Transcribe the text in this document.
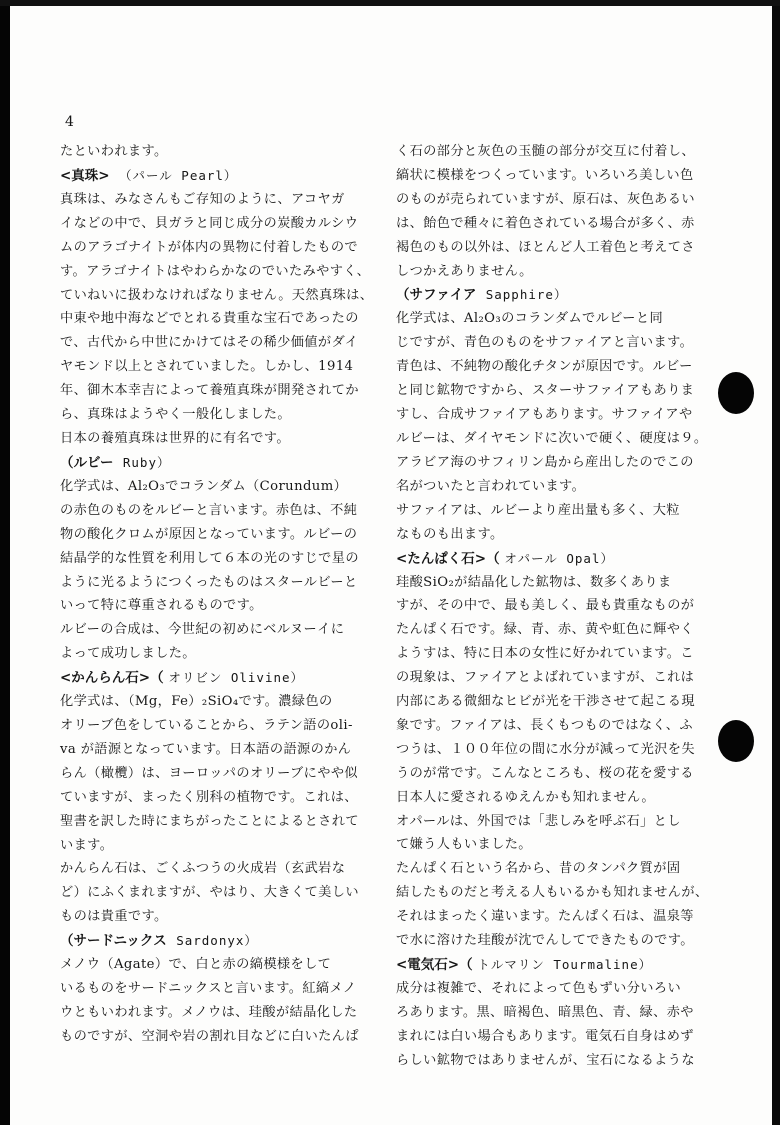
4

たといわれます。

<真珠> （パール Pearl）

真珠は、みなさんもご存知のように、アコヤガ

イなどの中で、貝ガラと同じ成分の炭酸カルシウ

ムのアラゴナイトが体内の異物に付着したもので

す。アラゴナイトはやわらかなのでいたみやすく、

ていねいに扱わなければなりません。天然真珠は、

中東や地中海などでとれる貴重な宝石であったの

で、古代から中世にかけてはその稀少価値がダイ

ヤモンド以上とされていました。しかし、1914

年、御木本幸吉によって養殖真珠が開発されてか

ら、真珠はようやく一般化しました。

日本の養殖真珠は世界的に有名です。

（ルビー Ruby）

化学式は、Al₂O₃でコランダム（Corundum）

の赤色のものをルビーと言います。赤色は、不純

物の酸化クロムが原因となっています。ルビーの

結晶学的な性質を利用して６本の光のすじで星の

ように光るようにつくったものはスタールビーと

いって特に尊重されるものです。

ルビーの合成は、今世紀の初めにベルヌーイに

よって成功しました。

<かんらん石>（ オリビン Olivine）

化学式は、（Mg，Fe）₂SiO₄です。濃緑色の

オリーブ色をしていることから、ラテン語のoli-

va が語源となっています。日本語の語源のかん

らん（橄欖）は、ヨーロッパのオリーブにやや似

ていますが、まったく別科の植物です。これは、

聖書を訳した時にまちがったことによるとされて

います。

かんらん石は、ごくふつうの火成岩（玄武岩な

ど）にふくまれますが、やはり、大きくて美しい

ものは貴重です。

（サードニックス Sardonyx）

メノウ（Agate）で、白と赤の縞模様をして

いるものをサードニックスと言います。紅縞メノ

ウともいわれます。メノウは、珪酸が結晶化した

ものですが、空洞や岩の割れ目などに白いたんぱ

く石の部分と灰色の玉髄の部分が交互に付着し、

縞状に模様をつくっています。いろいろ美しい色

のものが売られていますが、原石は、灰色あるい

は、飴色で種々に着色されている場合が多く、赤

褐色のもの以外は、ほとんど人工着色と考えてさ

しつかえありません。

（サファイア Sapphire）

化学式は、Al₂O₃のコランダムでルビーと同

じですが、青色のものをサファイアと言います。

青色は、不純物の酸化チタンが原因です。ルビー

と同じ鉱物ですから、スターサファイアもありま

すし、合成サファイアもあります。サファイアや

ルビーは、ダイヤモンドに次いで硬く、硬度は９。

アラビア海のサフィリン島から産出したのでこの

名がついたと言われています。

サファイアは、ルビーより産出量も多く、大粒

なものも出ます。

<たんぱく石>（ オパール Opal）

珪酸SiO₂が結晶化した鉱物は、数多くありま

すが、その中で、最も美しく、最も貴重なものが

たんぱく石です。緑、青、赤、黄や虹色に輝やく

ようすは、特に日本の女性に好かれています。こ

の現象は、ファイアとよばれていますが、これは

内部にある微細なヒビが光を干渉させて起こる現

象です。ファイアは、長くもつものではなく、ふ

つうは、１００年位の間に水分が減って光沢を失

うのが常です。こんなところも、桜の花を愛する

日本人に愛されるゆえんかも知れません。

オパールは、外国では「悲しみを呼ぶ石」とし

て嫌う人もいました。

たんぱく石という名から、昔のタンパク質が固

結したものだと考える人もいるかも知れませんが、

それはまったく違います。たんぱく石は、温泉等

で水に溶けた珪酸が沈でんしてできたものです。

<電気石>（ トルマリン Tourmaline）

成分は複雑で、それによって色もずい分いろい

ろあります。黒、暗褐色、暗黒色、青、緑、赤や

まれには白い場合もあります。電気石自身はめず

らしい鉱物ではありませんが、宝石になるような
